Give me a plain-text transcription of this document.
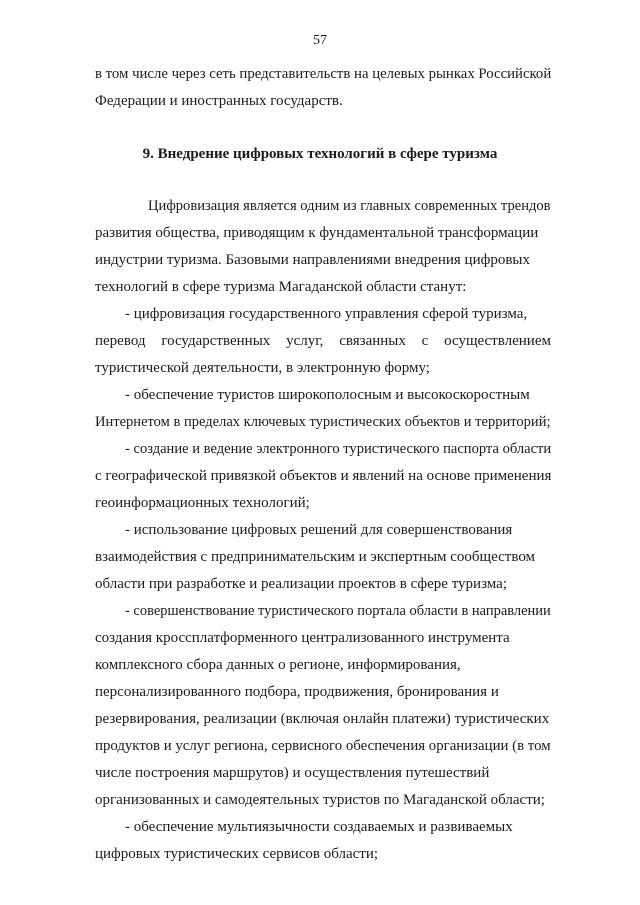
57
в том числе через сеть представительств на целевых рынках Российской
Федерации и иностранных государств.
9. Внедрение цифровых технологий в сфере туризма
Цифровизация является одним из главных современных трендов
развития общества, приводящим к фундаментальной трансформации
индустрии туризма. Базовыми направлениями внедрения цифровых
технологий в сфере туризма Магаданской области станут:
- цифровизация государственного управления сферой туризма,
перевод государственных услуг, связанных с осуществлением
туристической деятельности, в электронную форму;
- обеспечение туристов широкополосным и высокоскоростным
Интернетом в пределах ключевых туристических объектов и территорий;
- создание и ведение электронного туристического паспорта области
с географической привязкой объектов и явлений на основе применения
геоинформационных технологий;
- использование цифровых решений для совершенствования
взаимодействия с предпринимательским и экспертным сообществом
области при разработке и реализации проектов в сфере туризма;
- совершенствование туристического портала области в направлении
создания кроссплатформенного централизованного инструмента
комплексного сбора данных о регионе, информирования,
персонализированного подбора, продвижения, бронирования и
резервирования, реализации (включая онлайн платежи) туристических
продуктов и услуг региона, сервисного обеспечения организации (в том
числе построения маршрутов) и осуществления путешествий
организованных и самодеятельных туристов по Магаданской области;
- обеспечение мультиязычности создаваемых и развиваемых
цифровых туристических сервисов области;
